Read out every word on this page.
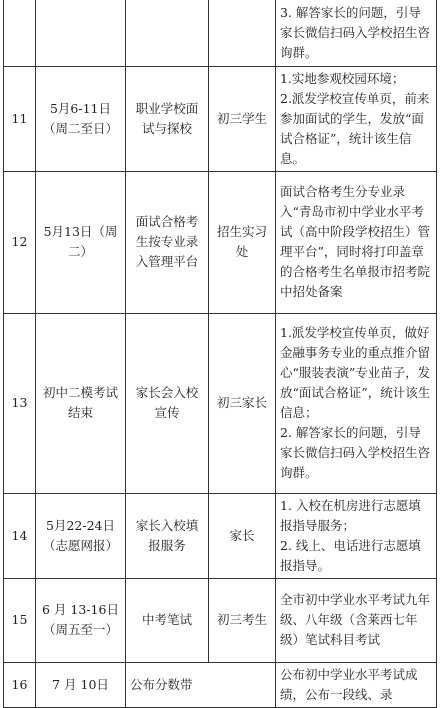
				3. 解答家长的问题，引导家长微信扫码入学校招生咨询群。

11	5月6-11日（周二至日）	职业学校面试与探校	初三学生	1.实地参观校园环境；
2.派发学校宣传单页，前来参加面试的学生，发放“面试合格证”，统计该生信息。

12	5月13日（周二）	面试合格考生按专业录入管理平台	招生实习处	面试合格考生分专业录入“青岛市初中学业水平考试（高中阶段学校招生）管理平台”，同时将打印盖章的合格考生名单报市招考院中招处备案

13	初中二模考试结束	家长会入校宣传	初三家长	1.派发学校宣传单页，做好金融事务专业的重点推介留心“服装表演”专业苗子，发放“面试合格证”，统计该生信息；
2. 解答家长的问题，引导家长微信扫码入学校招生咨询群。

14	5月22-24日（志愿网报）	家长入校填报服务	家长	1. 入校在机房进行志愿填报指导服务；
2. 线上、电话进行志愿填报指导。

15	6 月 13-16日（周五至一）	中考笔试	初三考生	全市初中学业水平考试九年级、八年级（含莱西七年级）笔试科目考试

16	7 月 10日	公布分数带		公布初中学业水平考试成绩，公布一段线、录
